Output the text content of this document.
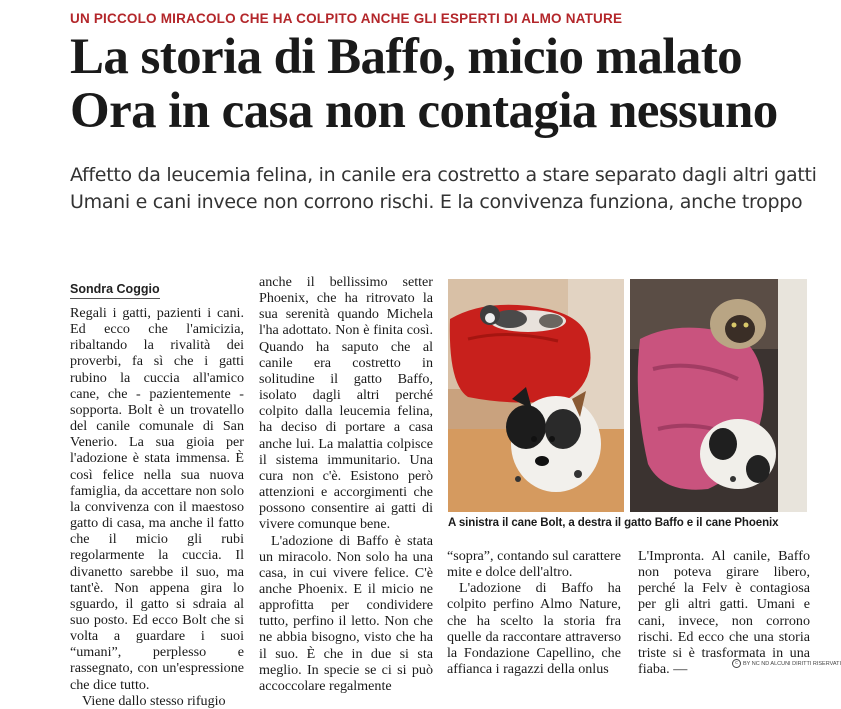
UN PICCOLO MIRACOLO CHE HA COLPITO ANCHE GLI ESPERTI DI ALMO NATURE
La storia di Baffo, micio malato
Ora in casa non contagia nessuno
Affetto da leucemia felina, in canile era costretto a stare separato dagli altri gatti
Umani e cani invece non corrono rischi. E la convivenza funziona, anche troppo
Sondra Coggio

Regali i gatti, pazienti i cani. Ed ecco che l'amicizia, ribaltando la rivalità dei proverbi, fa sì che i gatti rubino la cuccia all'amico cane, che - pazientemente - sopporta. Bolt è un trovatello del canile comunale di San Venerio. La sua gioia per l'adozione è stata immensa. È così felice nella sua nuova famiglia, da accettare non solo la convivenza con il maestoso gatto di casa, ma anche il fatto che il micio gli rubi regolarmente la cuccia. Il divanetto sarebbe il suo, ma tant'è. Non appena gira lo sguardo, il gatto si sdraia al suo posto. Ed ecco Bolt che si volta a guardare i suoi “umani”, perplesso e rassegnato, con un'espressione che dice tutto.

Viene dallo stesso rifugio

anche il bellissimo setter Phoenix, che ha ritrovato la sua serenità quando Michela l'ha adottato. Non è finita così. Quando ha saputo che al canile era costretto in solitudine il gatto Baffo, isolato dagli altri perché colpito dalla leucemia felina, ha deciso di portare a casa anche lui. La malattia colpisce il sistema immunitario. Una cura non c'è. Esistono però attenzioni e accorgimenti che possono consentire ai gatti di vivere comunque bene.

L'adozione di Baffo è stata un miracolo. Non solo ha una casa, in cui vivere felice. C'è anche Phoenix. E il micio ne approfitta per condividere tutto, perfino il letto. Non che ne abbia bisogno, visto che ha il suo. È che in due si sta meglio. In specie se ci si può accoccolare regalmente

A sinistra il cane Bolt, a destra il gatto Baffo e il cane Phoenix

“sopra”, contando sul carattere mite e dolce dell'altro.

L'adozione di Baffo ha colpito perfino Almo Nature, che ha scelto la storia fra quelle da raccontare attraverso la Fondazione Capellino, che affianca i ragazzi della onlus

L'Impronta. Al canile, Baffo non poteva girare libero, perché la Felv è contagiosa per gli altri gatti. Umani e cani, invece, non corrono rischi. Ed ecco che una storia triste si è trasformata in una fiaba. —	c BY NC ND ALCUNI DIRITTI RISERVATI
